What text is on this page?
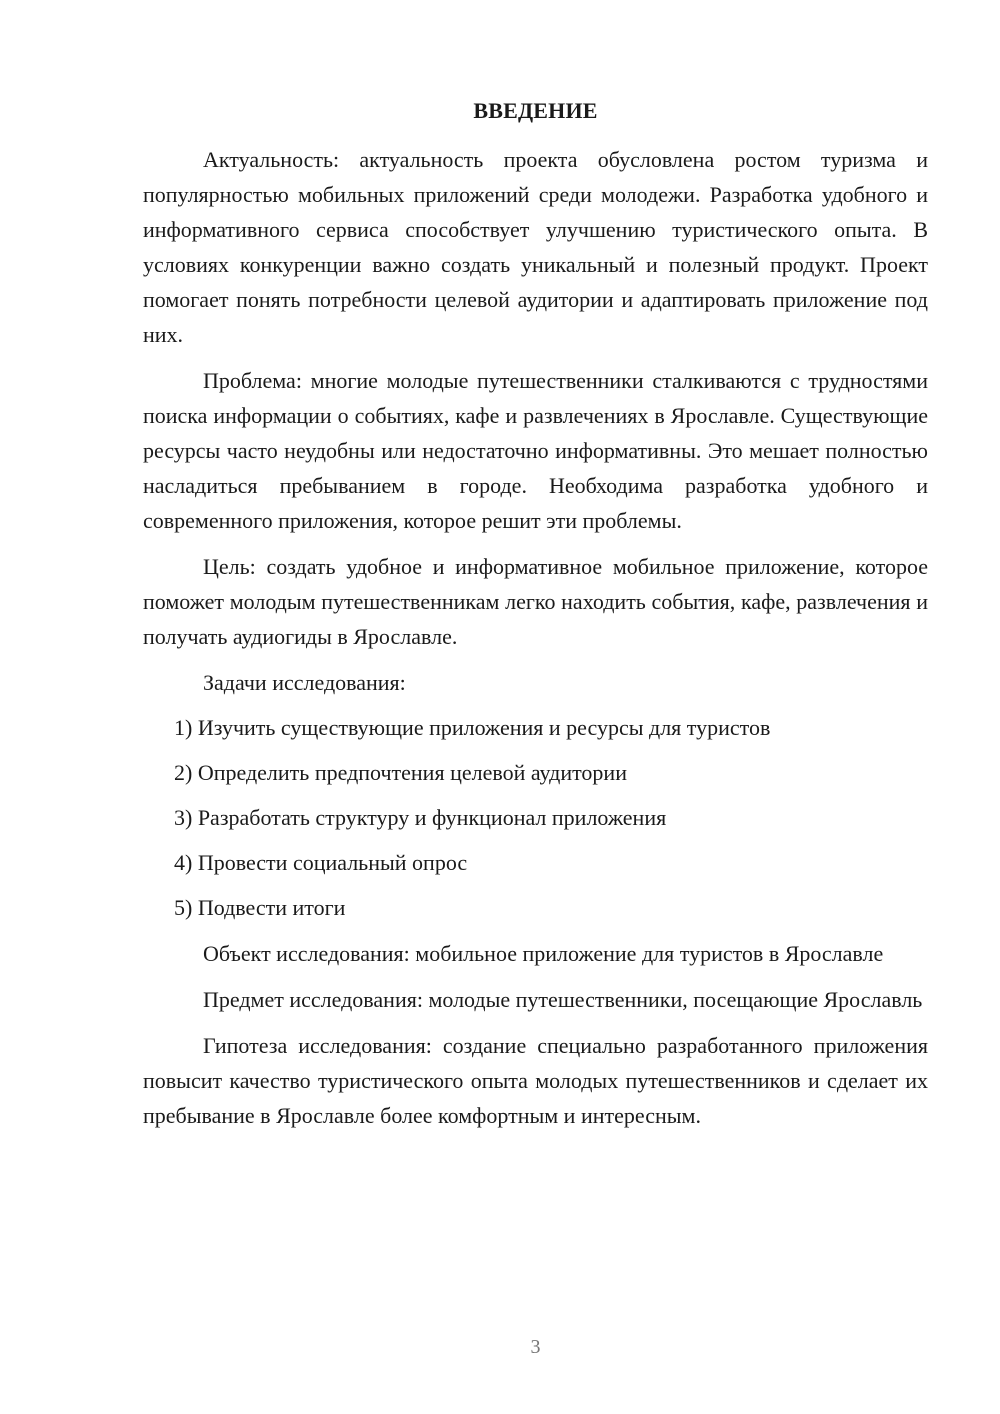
ВВЕДЕНИЕ

Актуальность: актуальность проекта обусловлена ростом туризма и популярностью мобильных приложений среди молодежи. Разработка удобного и информативного сервиса способствует улучшению туристического опыта. В условиях конкуренции важно создать уникальный и полезный продукт. Проект помогает понять потребности целевой аудитории и адаптировать приложение под них.

Проблема: многие молодые путешественники сталкиваются с трудностями поиска информации о событиях, кафе и развлечениях в Ярославле. Существующие ресурсы часто неудобны или недостаточно информативны. Это мешает полностью насладиться пребыванием в городе. Необходима разработка удобного и современного приложения, которое решит эти проблемы.

Цель: создать удобное и информативное мобильное приложение, которое поможет молодым путешественникам легко находить события, кафе, развлечения и получать аудиогиды в Ярославле.

Задачи исследования:
1) Изучить существующие приложения и ресурсы для туристов
2) Определить предпочтения целевой аудитории
3) Разработать структуру и функционал приложения
4) Провести социальный опрос
5) Подвести итоги

Объект исследования: мобильное приложение для туристов в Ярославле

Предмет исследования: молодые путешественники, посещающие Ярославль

Гипотеза исследования: создание специально разработанного приложения повысит качество туристического опыта молодых путешественников и сделает их пребывание в Ярославле более комфортным и интересным.

3
